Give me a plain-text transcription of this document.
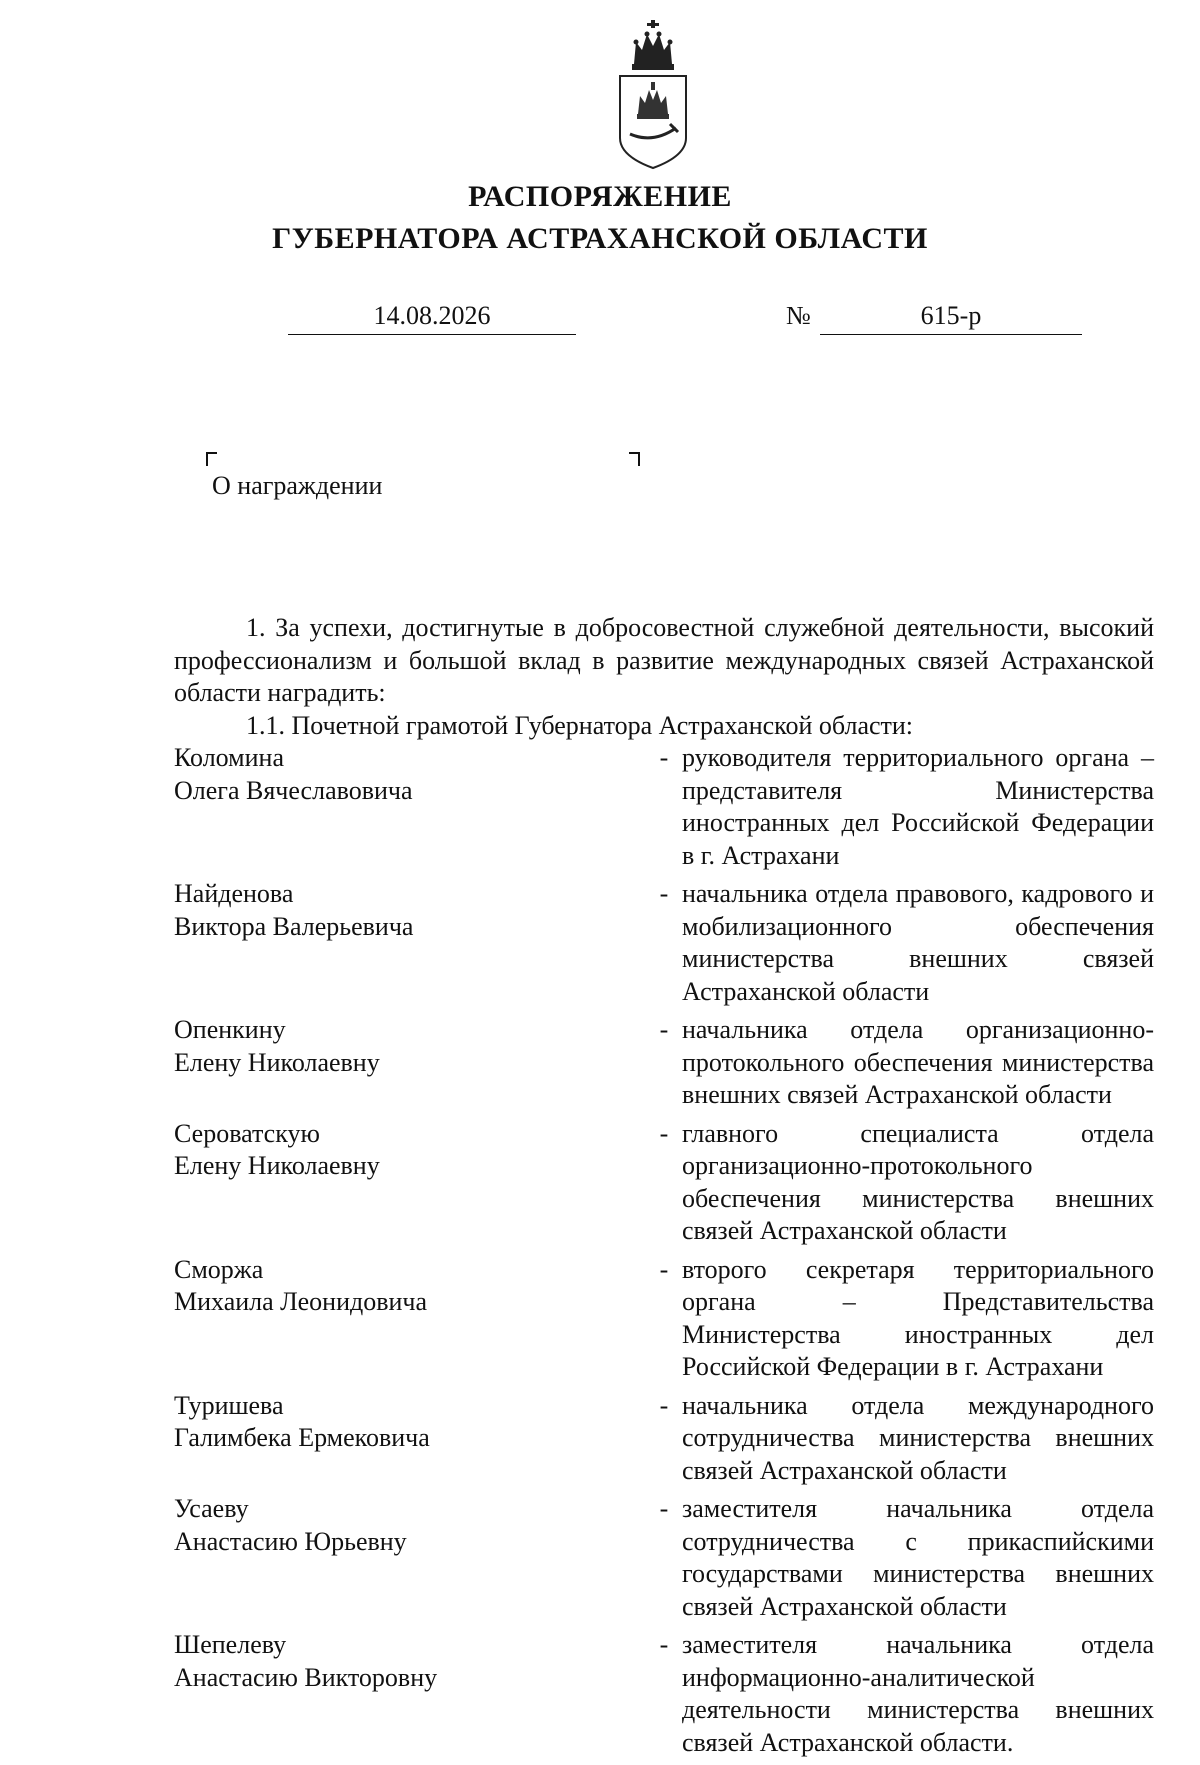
РАСПОРЯЖЕНИЕ
ГУБЕРНАТОРА АСТРАХАНСКОЙ ОБЛАСТИ
14.08.2026	№	615-р
О награждении
1. За успехи, достигнутые в добросовестной служебной деятельности, высокий профессионализм и большой вклад в развитие международных связей Астраханской области наградить:
1.1. Почетной грамотой Губернатора Астраханской области:
Коломина
Олега Вячеславовича
- руководителя территориального органа – представителя Министерства иностранных дел Российской Федерации в г. Астрахани
Найденова
Виктора Валерьевича
- начальника отдела правового, кадрового и мобилизационного обеспечения министерства внешних связей Астраханской области
Опенкину
Елену Николаевну
- начальника отдела организационно-протокольного обеспечения министерства внешних связей Астраханской области
Сероватскую
Елену Николаевну
- главного специалиста отдела организационно-протокольного обеспечения министерства внешних связей Астраханской области
Сморжа
Михаила Леонидовича
- второго секретаря территориального органа – Представительства Министерства иностранных дел Российской Федерации в г. Астрахани
Туришева
Галимбека Ермековича
- начальника отдела международного сотрудничества министерства внешних связей Астраханской области
Усаеву
Анастасию Юрьевну
- заместителя начальника отдела сотрудничества с прикаспийскими государствами министерства внешних связей Астраханской области
Шепелеву
Анастасию Викторовну
- заместителя начальника отдела информационно-аналитической деятельности министерства внешних связей Астраханской области.
